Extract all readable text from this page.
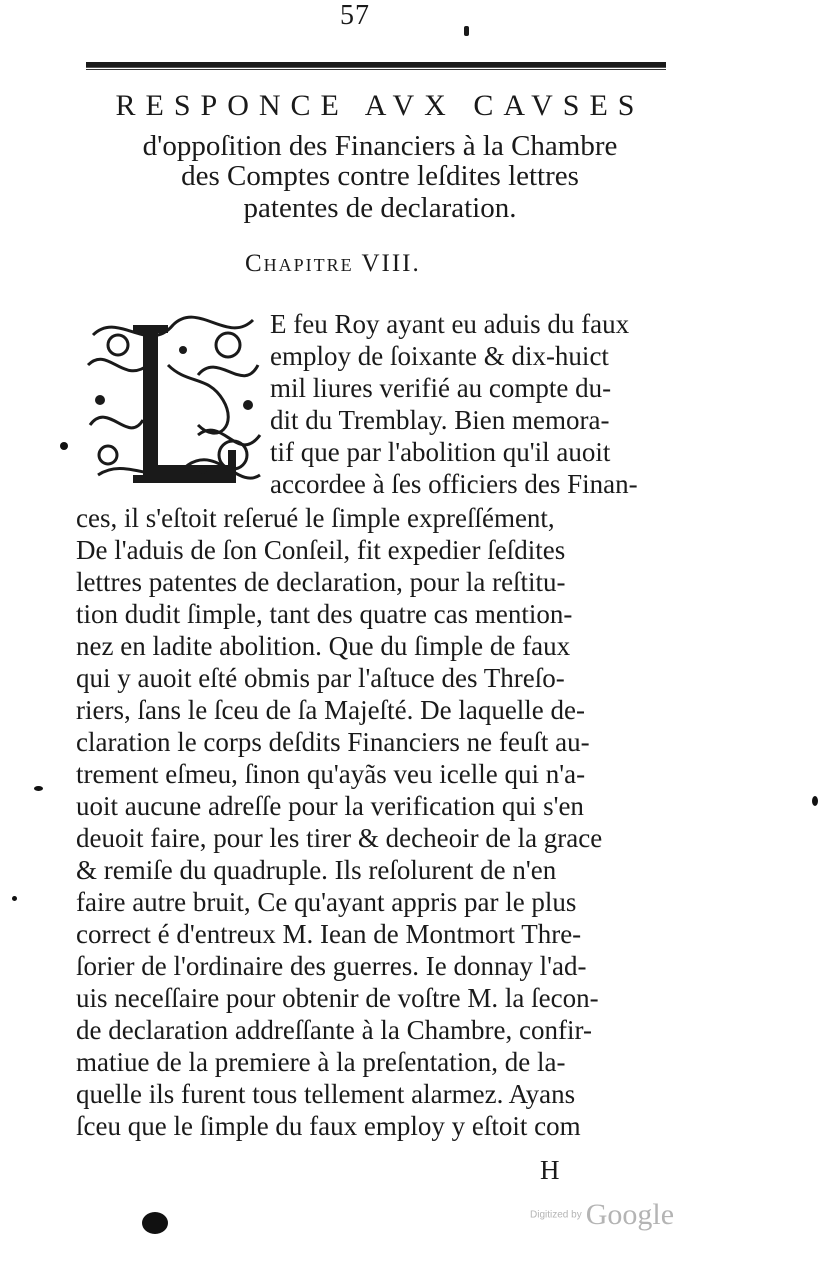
57
RESPONCE AVX CAVSES
d'oppoſition des Financiers à la Chambre
des Comptes contre leſdites lettres
patentes de declaration.
Chapitre VIII.
E feu Roy ayant eu aduis du faux
employ de ſoixante & dix-huict
mil liures verifié au compte du-
dit du Tremblay. Bien memora-
tif que par l'abolition qu'il auoit
accordee à ſes officiers des Finan-
ces, il s'eſtoit reſerué le ſimple expreſſément,
De l'aduis de ſon Conſeil, fit expedier ſeſdites
lettres patentes de declaration, pour la reſtitu-
tion dudit ſimple, tant des quatre cas mention-
nez en ladite abolition. Que du ſimple de faux
qui y auoit eſté obmis par l'aſtuce des Threſo-
riers, ſans le ſceu de ſa Majeſté. De laquelle de-
claration le corps deſdits Financiers ne feuſt au-
trement eſmeu, ſinon qu'ayãs veu icelle qui n'a-
uoit aucune adreſſe pour la verification qui s'en
deuoit faire, pour les tirer & decheoir de la grace
& remiſe du quadruple. Ils reſolurent de n'en
faire autre bruit, Ce qu'ayant appris par le plus
correct é d'entreux M. Iean de Montmort Thre-
ſorier de l'ordinaire des guerres. Ie donnay l'ad-
uis neceſſaire pour obtenir de voſtre M. la ſecon-
de declaration addreſſante à la Chambre, confir-
matiue de la premiere à la preſentation, de la-
quelle ils furent tous tellement alarmez. Ayans
ſceu que le ſimple du faux employ y eſtoit com
H
Digitized by Google
